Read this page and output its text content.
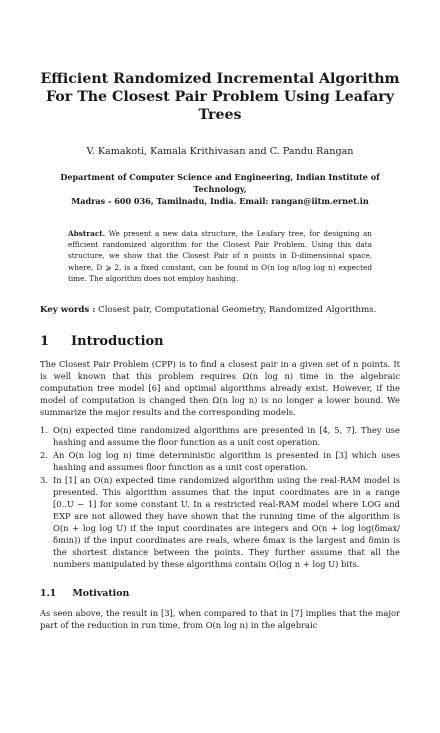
Efficient Randomized Incremental Algorithm For The Closest Pair Problem Using Leafary Trees
V. Kamakoti, Kamala Krithivasan and C. Pandu Rangan
Department of Computer Science and Engineering, Indian Institute of Technology,
Madras - 600 036, Tamilnadu, India. Email: rangan@iitm.ernet.in
Abstract. We present a new data structure, the Leafary tree, for designing an efficient randomized algorithm for the Closest Pair Problem. Using this data structure, we show that the Closest Pair of n points in D-dimensional space, where, D ⩾ 2, is a fixed constant, can be found in O(n log n/log log n) expected time. The algorithm does not employ hashing.
Key words : Closest pair, Computational Geometry, Randomized Algorithms.
1 Introduction
The Closest Pair Problem (CPP) is to find a closest pair in a given set of n points. It is well known that this problem requires Ω(n log n) time in the algebraic computation tree model [6] and optimal algorithms already exist. However, if the model of computation is changed then Ω(n log n) is no longer a lower bound. We summarize the major results and the corresponding models.
1. O(n) expected time randomized algorithms are presented in [4, 5, 7]. They use hashing and assume the floor function as a unit cost operation.
2. An O(n log log n) time deterministic algorithm is presented in [3] which uses hashing and assumes floor function as a unit cost operation.
3. In [1] an O(n) expected time randomized algorithm using the real-RAM model is presented. This algorithm assumes that the input coordinates are in a range [0..U − 1] for some constant U. In a restricted real-RAM model where LOG and EXP are not allowed they have shown that the running time of the algorithm is O(n + log log U) if the input coordinates are integers and O(n + log log(δmax/δmin)) if the input coordinates are reals, where δmax is the largest and δmin is the shortest distance between the points. They further assume that all the numbers manipulated by these algorithms contain O(log n + log U) bits.
1.1 Motivation
As seen above, the result in [3], when compared to that in [7] implies that the major part of the reduction in run time, from O(n log n) in the algebraic
